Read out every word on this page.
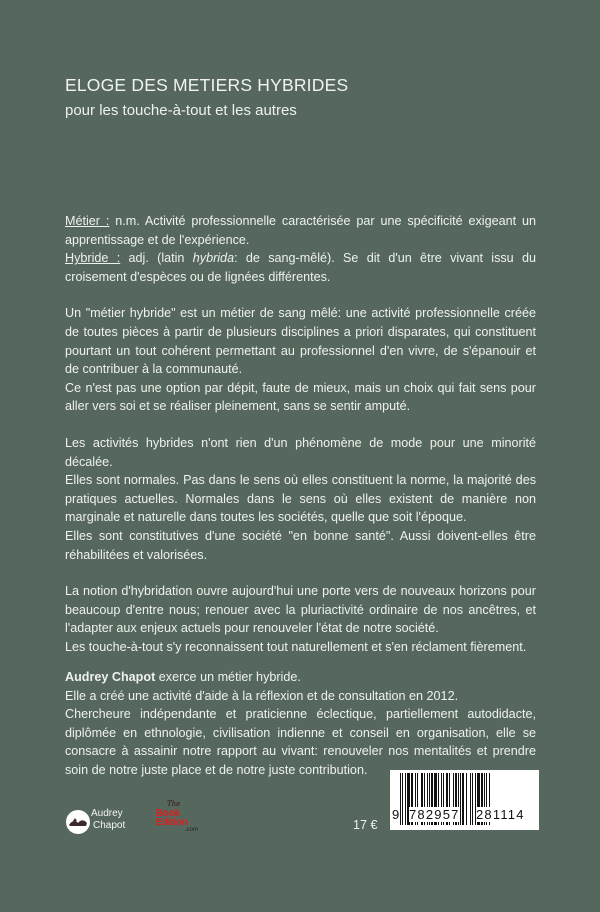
ELOGE DES METIERS HYBRIDES
pour les touche-à-tout et les autres

Métier : n.m. Activité professionnelle caractérisée par une spécificité exigeant un apprentissage et de l'expérience.

Hybride : adj. (latin hybrida: de sang-mêlé). Se dit d'un être vivant issu du croisement d'espèces ou de lignées différentes.

Un "métier hybride" est un métier de sang mêlé: une activité professionnelle créée de toutes pièces à partir de plusieurs disciplines a priori disparates, qui constituent pourtant un tout cohérent permettant au professionnel d'en vivre, de s'épanouir et de contribuer à la communauté.

Ce n'est pas une option par dépit, faute de mieux, mais un choix qui fait sens pour aller vers soi et se réaliser pleinement, sans se sentir amputé.

Les activités hybrides n'ont rien d'un phénomène de mode pour une minorité décalée.

Elles sont normales. Pas dans le sens où elles constituent la norme, la majorité des pratiques actuelles. Normales dans le sens où elles existent de manière non marginale et naturelle dans toutes les sociétés, quelle que soit l'époque.

Elles sont constitutives d'une société "en bonne santé". Aussi doivent-elles être réhabilitées et valorisées.

La notion d'hybridation ouvre aujourd'hui une porte vers de nouveaux horizons pour beaucoup d'entre nous; renouer avec la pluriactivité ordinaire de nos ancêtres, et l'adapter aux enjeux actuels pour renouveler l'état de notre société.

Les touche-à-tout s'y reconnaissent tout naturellement et s'en réclament fièrement.

Audrey Chapot exerce un métier hybride.

Elle a créé une activité d'aide à la réflexion et de consultation en 2012.

Chercheure indépendante et praticienne éclectique, partiellement autodidacte, diplômée en ethnologie, civilisation indienne et conseil en organisation, elle se consacre à assainir notre rapport au vivant: renouveler nos mentalités et prendre soin de notre juste place et de notre juste contribution.

Audrey
Chapot
The
Book
Edition
.com	17 €
9 782957 281114
